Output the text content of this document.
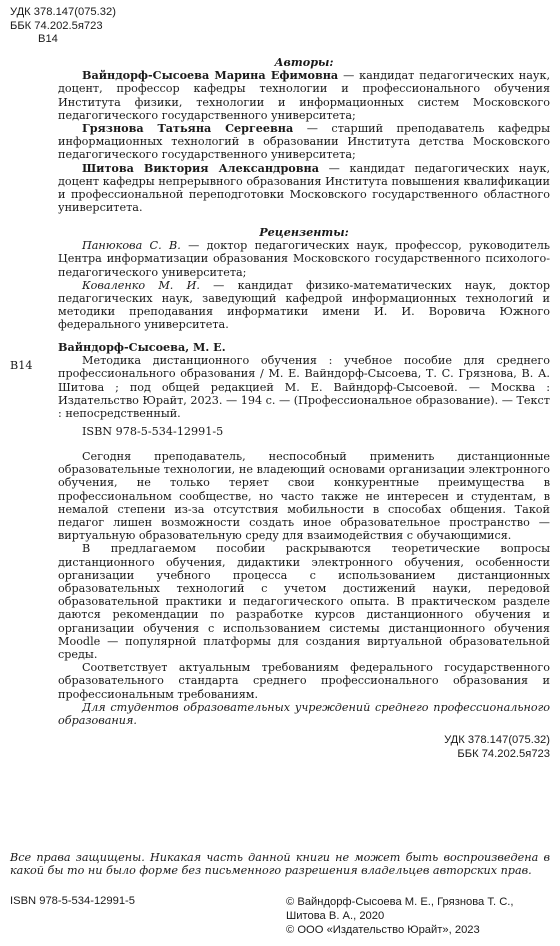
УДК 378.147(075.32)
ББК 74.202.5я723
В14

Авторы:

Вайндорф-Сысоева Марина Ефимовна — кандидат педагогических наук, доцент, профессор кафедры технологии и профессионального обучения Института физики, технологии и информационных систем Московского педагогического государственного университета;

Грязнова Татьяна Сергеевна — старший преподаватель кафедры информационных технологий в образовании Института детства Московского педагогического государственного университета;

Шитова Виктория Александровна — кандидат педагогических наук, доцент кафедры непрерывного образования Института повышения квалификации и профессиональной переподготовки Московского государственного областного университета.

Рецензенты:

Панюкова С. В. — доктор педагогических наук, профессор, руководитель Центра информатизации образования Московского государственного психолого-педагогического университета;

Коваленко М. И. — кандидат физико-математических наук, доктор педагогических наук, заведующий кафедрой информационных технологий и методики преподавания информатики имени И. И. Воровича Южного федерального университета.

В14

Вайндорф-Сысоева, М. Е.

Методика дистанционного обучения : учебное пособие для среднего профессионального образования / М. Е. Вайндорф-Сысоева, Т. С. Грязнова, В. А. Шитова ; под общей редакцией М. Е. Вайндорф-Сысоевой. — Москва : Издательство Юрайт, 2023. — 194 с. — (Профессиональное образование). — Текст : непосредственный.

ISBN 978-5-534-12991-5

Сегодня преподаватель, неспособный применить дистанционные образовательные технологии, не владеющий основами организации электронного обучения, не только теряет свои конкурентные преимущества в профессиональном сообществе, но часто также не интересен и студентам, в немалой степени из-за отсутствия мобильности в способах общения. Такой педагог лишен возможности создать иное образовательное пространство — виртуальную образовательную среду для взаимодействия с обучающимися.

В предлагаемом пособии раскрываются теоретические вопросы дистанционного обучения, дидактики электронного обучения, особенности организации учебного процесса с использованием дистанционных образовательных технологий с учетом достижений науки, передовой образовательной практики и педагогического опыта. В практическом разделе даются рекомендации по разработке курсов дистанционного обучения и организации обучения с использованием системы дистанционного обучения Moodle — популярной платформы для создания виртуальной образовательной среды.

Соответствует актуальным требованиям федерального государственного образовательного стандарта среднего профессионального образования и профессиональным требованиям.

Для студентов образовательных учреждений среднего профессионального образования.

УДК 378.147(075.32)
ББК 74.202.5я723
Все права защищены. Никакая часть данной книги не может быть воспроизведена в какой бы то ни было форме без письменного разрешения владельцев авторских прав.
ISBN 978-5-534-12991-5	© Вайндорф-Сысоева М. Е., Грязнова Т. С., Шитова В. А., 2020
© ООО «Издательство Юрайт», 2023
